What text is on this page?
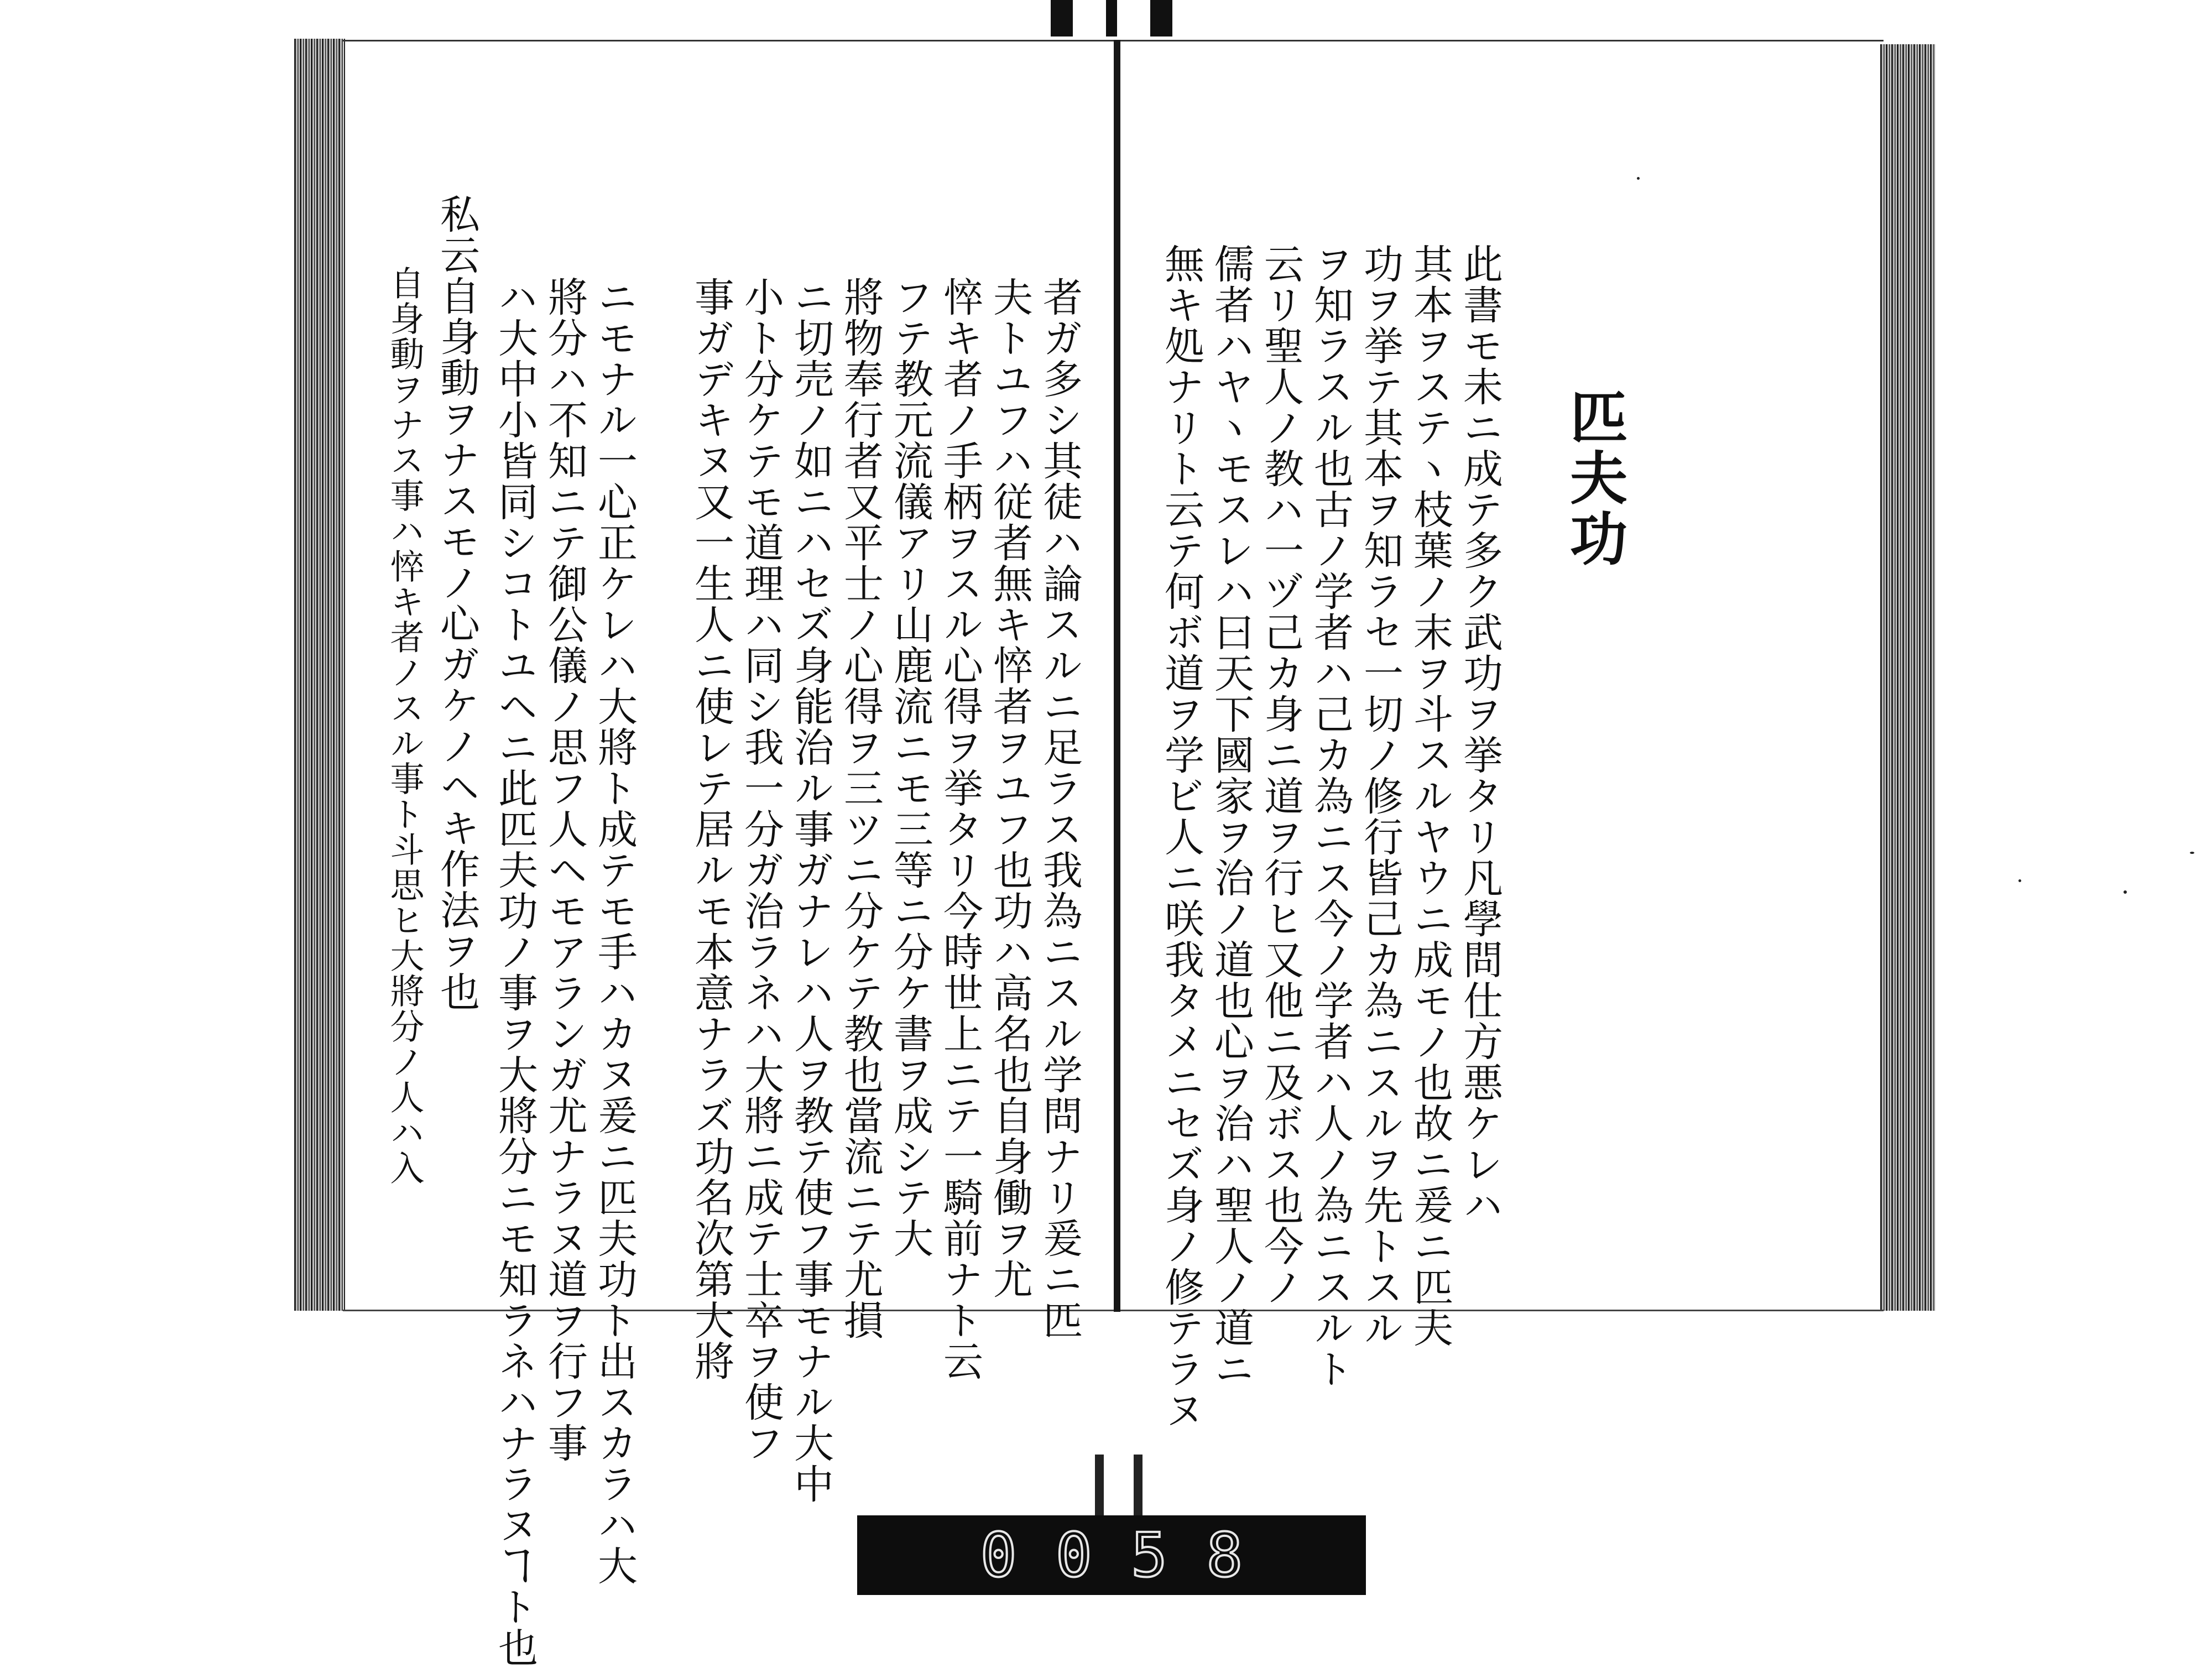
匹夫功
此書モ未ニ成テ多ク武功ヲ挙タリ凡學問仕方悪ケレハ
其本ヲステヽ枝葉ノ末ヲ斗スルヤウニ成モノ也故ニ爰ニ匹夫
功ヲ挙テ其本ヲ知ラセ一切ノ修行皆己カ為ニスルヲ先トスル
ヲ知ラスル也古ノ学者ハ己カ為ニス今ノ学者ハ人ノ為ニスルト
云リ聖人ノ教ハ一ヅ己カ身ニ道ヲ行ヒ又他ニ及ボス也今ノ
儒者ハヤヽモスレハ曰天下國家ヲ治ノ道也心ヲ治ハ聖人ノ道ニ
無キ処ナリト云テ何ボ道ヲ学ビ人ニ咲我タメニセズ身ノ修テラヌ
者ガ多シ其徒ハ論スルニ足ラス我為ニスル学問ナリ爰ニ匹
夫トユフハ従者無キ悴者ヲユフ也功ハ高名也自身働ヲ尤
悴キ者ノ手柄ヲスル心得ヲ挙タリ今時世上ニテ一騎前ナト云
フテ教元流儀アリ山鹿流ニモ三等ニ分ケ書ヲ成シテ大
將物奉行者又平士ノ心得ヲ三ツニ分ケテ教也當流ニテ尤損
ニ切売ノ如ニハセズ身能治ル事ガナレハ人ヲ教テ使フ事モナル大中
小ト分ケテモ道理ハ同シ我一分ガ治ラネハ大將ニ成テ士卒ヲ使フ
事ガデキヌ又一生人ニ使レテ居ルモ本意ナラズ功名次第大將
ニモナル一心正ケレハ大將ト成テモ手ハカヌ爰ニ匹夫功ト出スカラハ大
將分ハ不知ニテ御公儀ノ思フ人ヘモアランガ尤ナラヌ道ヲ行フ事
ハ大中小皆同シコトユヘニ此匹夫功ノ事ヲ大將分ニモ知ラネハナラヌヿト也
私云自身動ヲナスモノ心ガケノヘキ作法ヲ也
自身動ヲナス事ハ悴キ者ノスル事ト斗思ヒ大將分ノ人ハ入
0058
